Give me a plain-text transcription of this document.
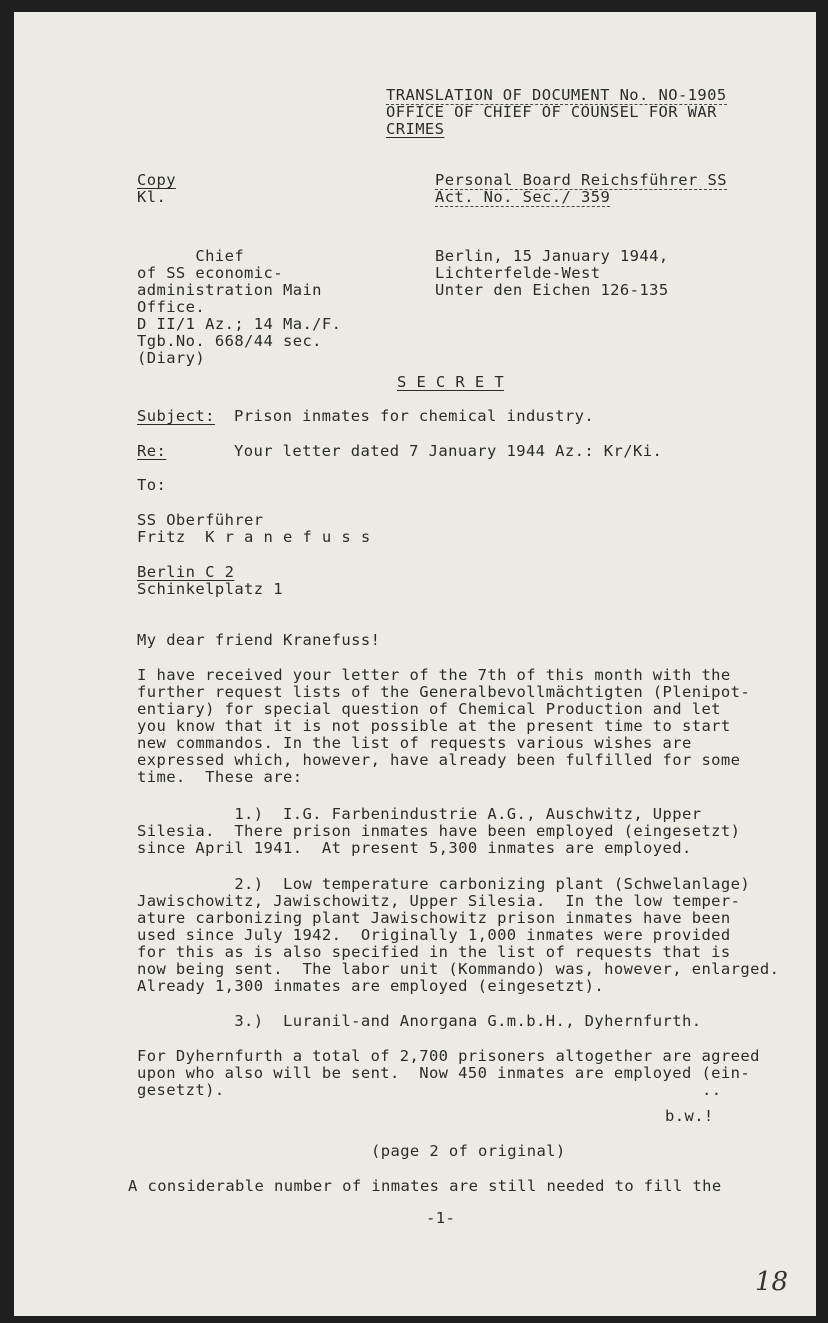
TRANSLATION OF DOCUMENT No. NO-1905

OFFICE OF CHIEF OF COUNSEL FOR WAR

CRIMES

Copy

Kl.

Chief

of SS economic-

administration Main

Office.

D II/1 Az.; 14 Ma./F.

Tgb.No. 668/44 sec.

(Diary)

Personal Board Reichsführer SS

Act. No. Sec./ 359

Berlin, 15 January 1944,

Lichterfelde-West

Unter den Eichen 126-135

S E C R E T

Subject: Prison inmates for chemical industry.

Re:	Your letter dated 7 January 1944 Az.: Kr/Ki.

To:

SS Oberführer

Fritz  K r a n e f u s s

Berlin C 2

Schinkelplatz 1

My dear friend Kranefuss!

I have received your letter of the 7th of this month with the

further request lists of the Generalbevollmächtigten (Plenipot-

entiary) for special question of Chemical Production and let

you know that it is not possible at the present time to start

new commandos. In the list of requests various wishes are

expressed which, however, have already been fulfilled for some

time.  These are:

1.)  I.G. Farbenindustrie A.G., Auschwitz, Upper

Silesia.  There prison inmates have been employed (eingesetzt)

since April 1941.  At present 5,300 inmates are employed.

2.)  Low temperature carbonizing plant (Schwelanlage)

Jawischowitz, Jawischowitz, Upper Silesia.  In the low temper-

ature carbonizing plant Jawischowitz prison inmates have been

used since July 1942.  Originally 1,000 inmates were provided

for this as is also specified in the list of requests that is

now being sent.  The labor unit (Kommando) was, however, enlarged.

Already 1,300 inmates are employed (eingesetzt).

3.)  Luranil-and Anorgana G.m.b.H., Dyhernfurth.

For Dyhernfurth a total of 2,700 prisoners altogether are agreed

upon who also will be sent.  Now 450 inmates are employed (ein-

gesetzt).	..

b.w.!

(page 2 of original)

A considerable number of inmates are still needed to fill the

-1-

18
